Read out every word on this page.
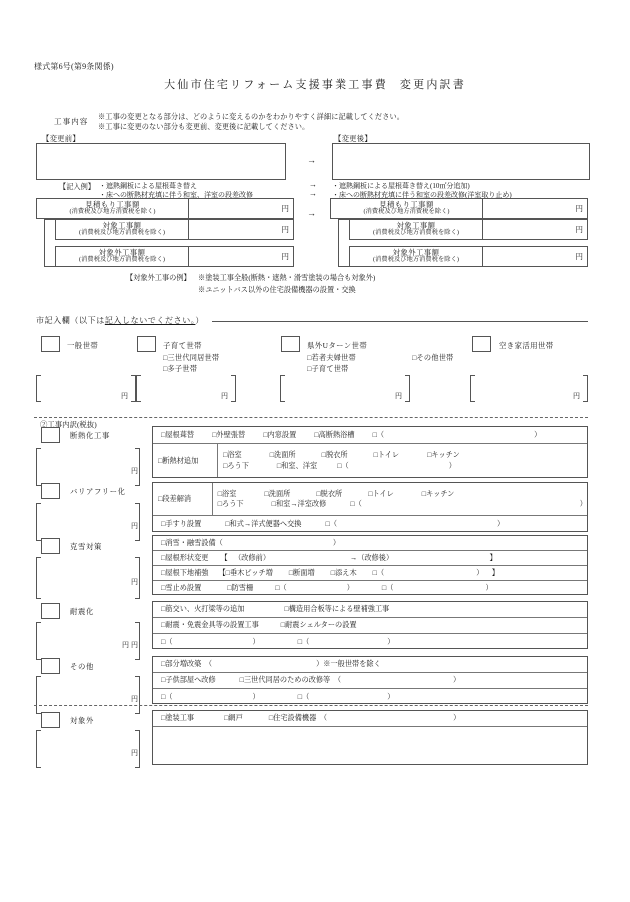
様式第6号(第9条関係)
大仙市住宅リフォーム支援事業工事費 変更内訳書
工事内容 ※工事の変更となる部分は、どのように変えるのかをわかりやすく詳細に記載してください。
※工事に変更のない部分も変更前、変更後に記載してください。
【変更前】	【変更後】
→
【記入例】 ・遮熱鋼板による屋根葺き替え
・床への断熱材充填に伴う和室、洋室の段差改修
→
→
・遮熱鋼板による屋根葺き替え(10㎡分追加)
・床への断熱材充填に伴う和室の段差改修(洋室取り止め)
見積もり工事額
(消費税及び地方消費税を除く)	円
対象工事額
(消費税及び地方消費税を除く)	円
対象外工事額
(消費税及び地方消費税を除く)	円
→
見積もり工事額
(消費税及び地方消費税を除く)	円
対象工事額
(消費税及び地方消費税を除く)	円
対象外工事額
(消費税及び地方消費税を除く)	円
【対象外工事の例】 ※塗装工事全般(断熱・遮熱・滑雪塗装の場合も対象外)
※ユニットバス以外の住宅設備機器の設置・交換
市記入欄（以下は記入しないでください。）
一般世帯
円
子育て世帯
□三世代同居世帯
□多子世帯
円
県外Uターン世帯
□若者夫婦世帯
□子育て世帯
□その他世帯
円
空き家活用世帯
円
②工事内訳(税抜)
断熱化工事
円
□屋根葺替	□外壁張替	□内窓設置	□高断熱浴槽	□（	）
□断熱材追加
□浴室	□洗面所	□脱衣所	□トイレ	□キッチン
□ろう下	□和室、洋室	□（	）
バリアフリー化
円
□段差解消
□浴室	□洗面所	□脱衣所	□トイレ	□キッチン
□ろう下	□和室→洋室改修	□（	）
□手すり設置	□和式→洋式便器へ交換	□（	）
克雪対策
円
□消雪・融雪設備（	）
□屋根形状変更 【 （改修前）	→（改修後）	】
□屋根下地補強 【□垂木ピッチ増 □断面増 □添え木 □（	） 】
□雪止め設置	□防雪柵	□（	）	□（	）
耐震化
円
円
□筋交い、火打梁等の追加	□構造用合板等による壁補強工事
□耐震・免震金具等の設置工事	□耐震シェルターの設置
□（	）	□（	）
その他
円
□部分増改築　（	）※一般世帯を除く
□子供部屋へ改修	□三世代同居のための改修等　（	）
□（	）	□（	）
対象外
円
□塗装工事	□網戸	□住宅設備機器　（	）
